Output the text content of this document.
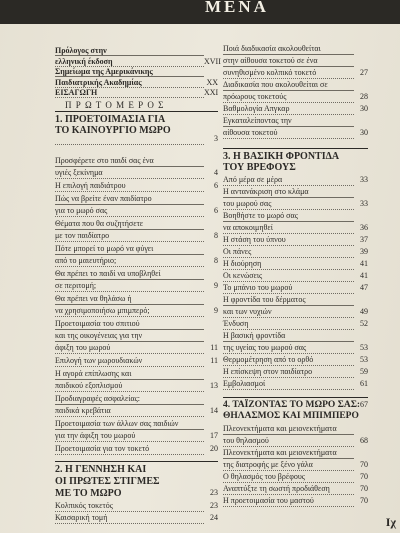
ΜΕΝΑ
Πρόλογος στην
ελληνική έκδοση	XVII
Σημείωμα της Αμερικάνικης
Παιδιατρικής Ακαδημίας	XX
ΕΙΣΑΓΩΓΗ	XXI
Π Ρ Ω Τ Ο Μ Ε Ρ Ο Σ
1. ΠΡΟΕΤΟΙΜΑΣΙΑ ΓΙΑ
ΤΟ ΚΑΙΝΟΥΡΓΙΟ ΜΩΡΟ
3
Προσφέρετε στο παιδί σας ένα
υγιές ξεκίνημα	4
Η επιλογή παιδιάτρου	6
Πώς να βρείτε έναν παιδίατρο
για το μωρό σας	6
Θέματα που θα συζητήσετε
με τον παιδίατρο	8
Πότε μπορεί το μωρό να φύγει
από το μαιευτήριο;	8
Θα πρέπει το παιδί να υποβληθεί
σε περιτομή;	9
Θα πρέπει να θηλάσω ή
να χρησιμοποιήσω μπιμπερό;	9
Προετοιμασία του σπιτιού
και της οικογένειας για την
άφιξη του μωρού	11
Επιλογή των μωρουδιακών	11
Η αγορά επίπλωσης και
παιδικού εξοπλισμού	13
Προδιαγραφές ασφαλείας:
παιδικά κρεβάτια	14
Προετοιμασία των άλλων σας παιδιών
για την άφιξη του μωρού	17
Προετοιμασία για τον τοκετό	20
2. Η ΓΕΝΝΗΣΗ ΚΑΙ
ΟΙ ΠΡΩΤΕΣ ΣΤΙΓΜΕΣ
ΜΕ ΤΟ ΜΩΡΟ	23
Κολπικός τοκετός	23
Καισαρική τομή	24
Ποιά διαδικασία ακολουθείται
στην αίθουσα τοκετού σε ένα
συνηθισμένο κολπικό τοκετό	27
Διαδικασία που ακολουθείται σε
πρόωρους τοκετούς	28
Βαθμολογία Απγκαρ	30
Εγκαταλείποντας την
αίθουσα τοκετού	30
3. Η ΒΑΣΙΚΗ ΦΡΟΝΤΙΔΑ
ΤΟΥ ΒΡΕΦΟΥΣ
Από μέρα σε μέρα	33
Η αντανάκριση στο κλάμα
του μωρού σας	33
Βοηθήστε το μωρό σας
να αποκοιμηθεί	36
Η στάση του ύπνου	37
Οι πάνες	39
Η διούρηση	41
Οι κενώσεις	41
Το μπάνιο του μωρού	47
Η φροντίδα του δέρματος
και των νυχιών	49
Ένδυση	52
Η βασική φροντίδα
της υγείας του μωρού σας	53
Θερμομέτρηση από το ορθό	53
Η επίσκεψη στον παιδίατρο	59
Εμβολιασμοί	61
4. ΤΑΪΖΟΝΤΑΣ ΤΟ ΜΩΡΟ ΣΑΣ: 67
ΘΗΛΑΣΜΟΣ ΚΑΙ ΜΠΙΜΠΕΡΟ
Πλεονεκτήματα και μειονεκτήματα
του θηλασμού	68
Πλεονεκτήματα και μειονεκτήματα
της διατροφής με ξένο γάλα	70
Ο θηλασμός του βρέφους	70
Αναπτύξτε τη σωστή προδιάθεση	70
Η προετοιμασία του μαστού	70
Ιχ
